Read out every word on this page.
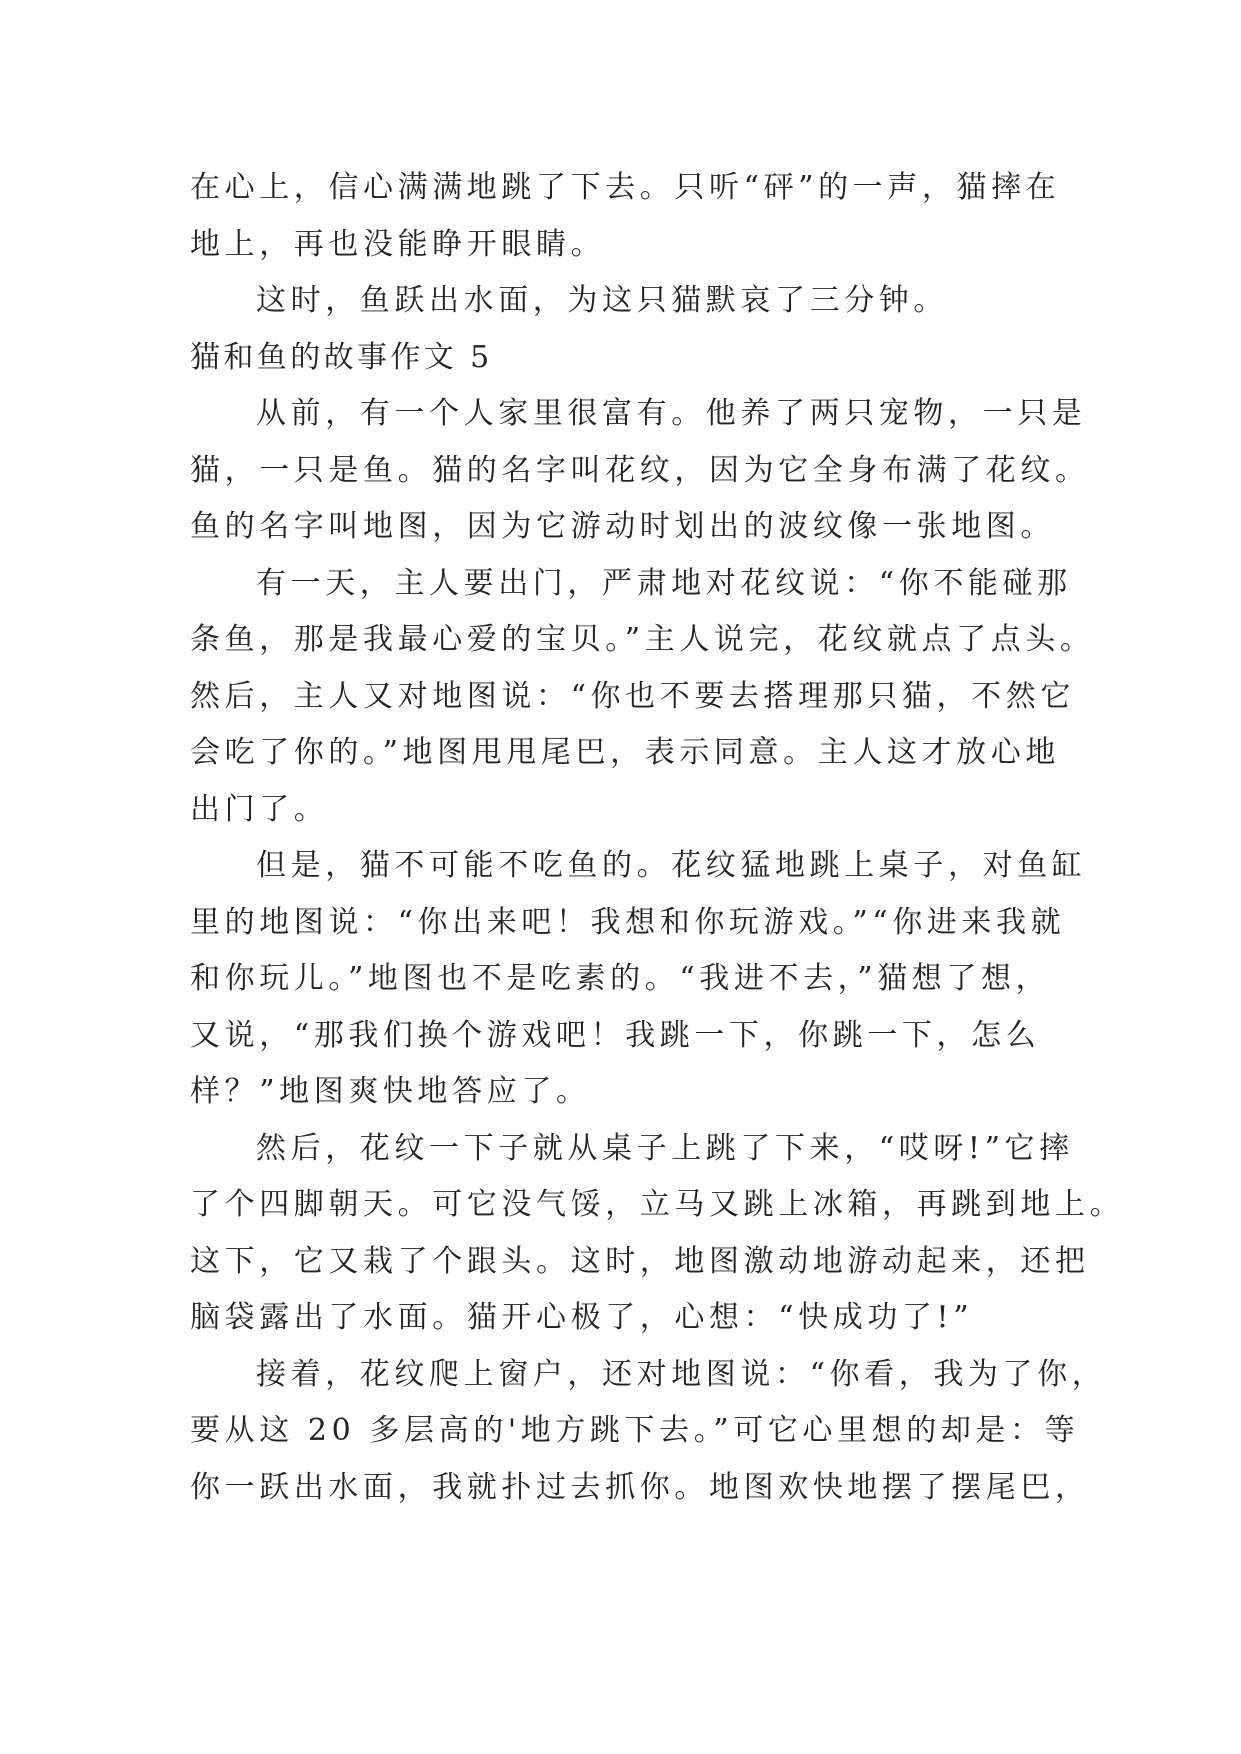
在心上，信心满满地跳了下去。只听“砰”的一声，猫摔在
地上，再也没能睁开眼睛。

这时，鱼跃出水面，为这只猫默哀了三分钟。

猫和鱼的故事作文 5

从前，有一个人家里很富有。他养了两只宠物，一只是
猫，一只是鱼。猫的名字叫花纹，因为它全身布满了花纹。
鱼的名字叫地图，因为它游动时划出的波纹像一张地图。

有一天，主人要出门，严肃地对花纹说：“你不能碰那
条鱼，那是我最心爱的宝贝。”主人说完，花纹就点了点头。
然后，主人又对地图说：“你也不要去搭理那只猫，不然它
会吃了你的。”地图甩甩尾巴，表示同意。主人这才放心地
出门了。

但是，猫不可能不吃鱼的。花纹猛地跳上桌子，对鱼缸
里的地图说：“你出来吧！我想和你玩游戏。”“你进来我就
和你玩儿。”地图也不是吃素的。“我进不去，”猫想了想，
又说，“那我们换个游戏吧！我跳一下，你跳一下，怎么
样？”地图爽快地答应了。

然后，花纹一下子就从桌子上跳了下来，“哎呀!”它摔
了个四脚朝天。可它没气馁，立马又跳上冰箱，再跳到地上。
这下，它又栽了个跟头。这时，地图激动地游动起来，还把
脑袋露出了水面。猫开心极了，心想：“快成功了!”

接着，花纹爬上窗户，还对地图说：“你看，我为了你，
要从这 20 多层高的'地方跳下去。”可它心里想的却是：等
你一跃出水面，我就扑过去抓你。地图欢快地摆了摆尾巴，
